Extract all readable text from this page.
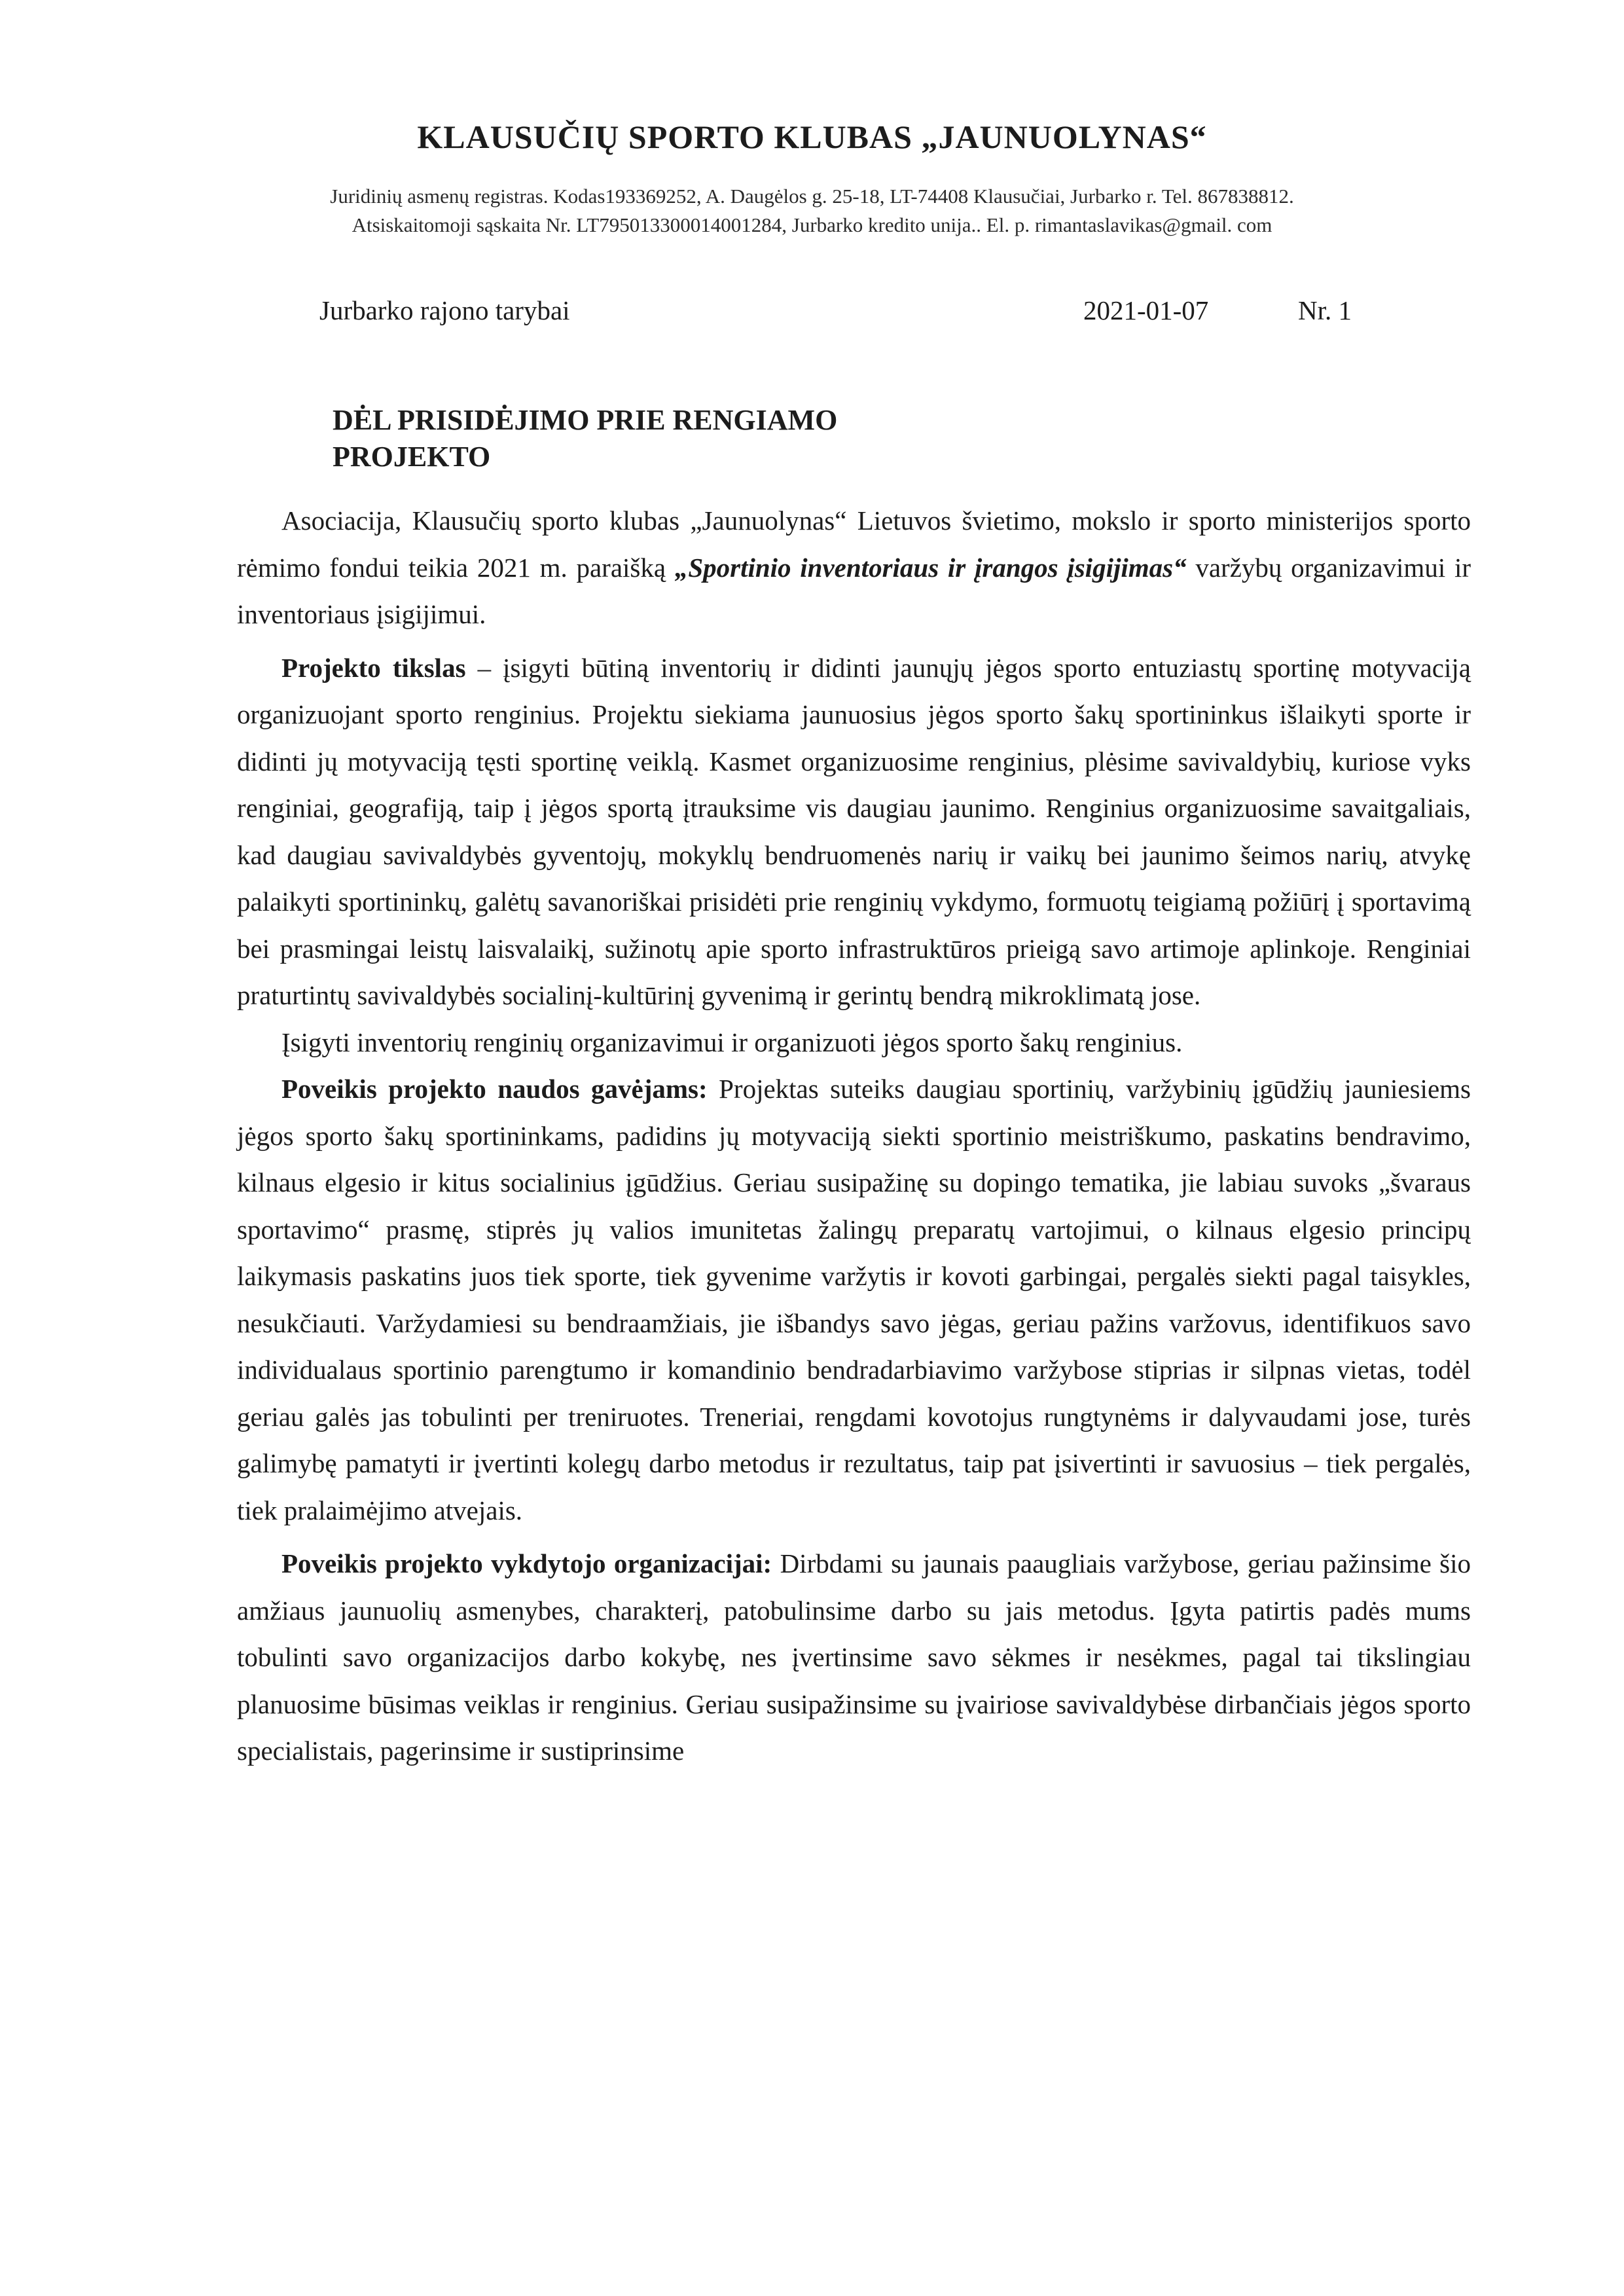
KLAUSUČIŲ SPORTO KLUBAS „JAUNUOLYNAS“
Juridinių asmenų registras. Kodas193369252, A. Daugėlos g. 25-18, LT-74408 Klausučiai, Jurbarko r. Tel. 867838812.
Atsiskaitomoji sąskaita Nr. LT795013300014001284, Jurbarko kredito unija.. El. p. rimantaslavikas@gmail. com
Jurbarko rajono tarybai	2021-01-07	Nr. 1
DĖL PRISIDĖJIMO PRIE RENGIAMO
PROJEKTO

Asociacija, Klausučių sporto klubas „Jaunuolynas“ Lietuvos švietimo, mokslo ir sporto ministerijos sporto rėmimo fondui teikia 2021 m. paraišką „Sportinio inventoriaus ir įrangos įsigijimas“ varžybų organizavimui ir inventoriaus įsigijimui.

Projekto tikslas – įsigyti būtiną inventorių ir didinti jaunųjų jėgos sporto entuziastų sportinę motyvaciją organizuojant sporto renginius. Projektu siekiama jaunuosius jėgos sporto šakų sportininkus išlaikyti sporte ir didinti jų motyvaciją tęsti sportinę veiklą. Kasmet organizuosime renginius, plėsime savivaldybių, kuriose vyks renginiai, geografiją, taip į jėgos sportą įtrauksime vis daugiau jaunimo. Renginius organizuosime savaitgaliais, kad daugiau savivaldybės gyventojų, mokyklų bendruomenės narių ir vaikų bei jaunimo šeimos narių, atvykę palaikyti sportininkų, galėtų savanoriškai prisidėti prie renginių vykdymo, formuotų teigiamą požiūrį į sportavimą bei prasmingai leistų laisvalaikį, sužinotų apie sporto infrastruktūros prieigą savo artimoje aplinkoje. Renginiai praturtintų savivaldybės socialinį-kultūrinį gyvenimą ir gerintų bendrą mikroklimatą jose.

Įsigyti inventorių renginių organizavimui ir organizuoti jėgos sporto šakų renginius.

Poveikis projekto naudos gavėjams: Projektas suteiks daugiau sportinių, varžybinių įgūdžių jauniesiems jėgos sporto šakų sportininkams, padidins jų motyvaciją siekti sportinio meistriškumo, paskatins bendravimo, kilnaus elgesio ir kitus socialinius įgūdžius. Geriau susipažinę su dopingo tematika, jie labiau suvoks „švaraus sportavimo“ prasmę, stiprės jų valios imunitetas žalingų preparatų vartojimui, o kilnaus elgesio principų laikymasis paskatins juos tiek sporte, tiek gyvenime varžytis ir kovoti garbingai, pergalės siekti pagal taisykles, nesukčiauti. Varžydamiesi su bendraamžiais, jie išbandys savo jėgas, geriau pažins varžovus, identifikuos savo individualaus sportinio parengtumo ir komandinio bendradarbiavimo varžybose stiprias ir silpnas vietas, todėl geriau galės jas tobulinti per treniruotes. Treneriai, rengdami kovotojus rungtynėms ir dalyvaudami jose, turės galimybę pamatyti ir įvertinti kolegų darbo metodus ir rezultatus, taip pat įsivertinti ir savuosius – tiek pergalės, tiek pralaimėjimo atvejais.

Poveikis projekto vykdytojo organizacijai: Dirbdami su jaunais paaugliais varžybose, geriau pažinsime šio amžiaus jaunuolių asmenybes, charakterį, patobulinsime darbo su jais metodus. Įgyta patirtis padės mums tobulinti savo organizacijos darbo kokybę, nes įvertinsime savo sėkmes ir nesėkmes, pagal tai tikslingiau planuosime būsimas veiklas ir renginius. Geriau susipažinsime su įvairiose savivaldybėse dirbančiais jėgos sporto specialistais, pagerinsime ir sustiprinsime
